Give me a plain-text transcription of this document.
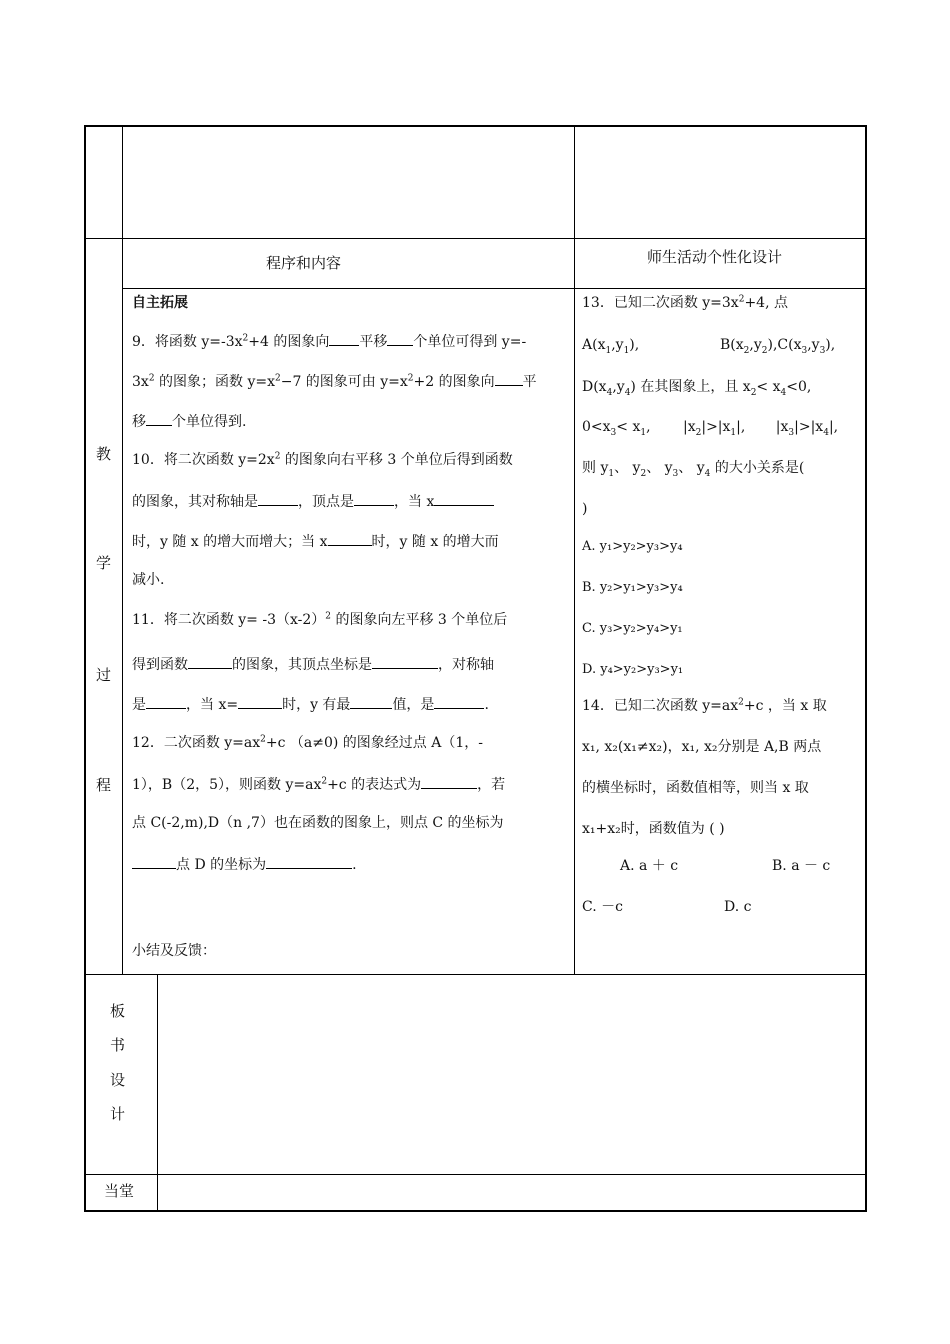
程序和内容	师生活动个性化设计
教
学
过
程
板
书
设
计
当堂
自主拓展
9．将函数 $y=-3x^2+4$ 的图象向 平移 个单位可得到 y=-
$3x^2$ 的图象；函数 $y=x^2-7$ 的图象可由 $y=x^2+2$ 的图象向 平
移 个单位得到.
10．将二次函数 $y=2x^2$ 的图象向右平移 3 个单位后得到函数
的图象，其对称轴是	，顶点是	，当 x
时，y 随 x 的增大而增大；当 x	时，y 随 x 的增大而
减小.
11．将二次函数 $y= -3(x-2)^2$ 的图象向左平移 3 个单位后
得到函数	的图象，其顶点坐标是	，对称轴
是	，当 x=	时，y 有最	值，是	.
12．二次函数 $y=ax^2+c$ （a≠0) 的图象经过点 A（1，-
1），B（2，5），则函数 $y=ax^2+c$ 的表达式为	，若
点 C(-2,m),D（n ,7）也在函数的图象上，则点 C 的坐标为
点 D 的坐标为	.
小结及反馈：
13．已知二次函数 $y=3x^2+4$, 点
$A(x_1,y_1)$,	$B(x_2,y_2),C(x_3,y_3)$,
$D(x_4,y_4)$ 在其图象上，且 $x_2< x_4<0$,
$0<x_3< x_1$, $|x_2|>|x_1|$, $|x_3|>|x_4|$,
则 $y_1$、 $y_2$、 $y_3$、 $y_4$ 的大小关系是(
)
A. y₁>y₂>y₃>y₄
B. y₂>y₁>y₃>y₄
C. y₃>y₂>y₄>y₁
D. y₄>y₂>y₃>y₁
14．已知二次函数 $y=ax^2+c$ ，当 x 取
x₁, x₂(x₁≠x₂)，x₁, x₂分别是 A,B 两点
的横坐标时，函数值相等，则当 x 取
x₁+x₂时，函数值为 ( )
A. a ＋ c	B. a － c
C. －c	D. c
